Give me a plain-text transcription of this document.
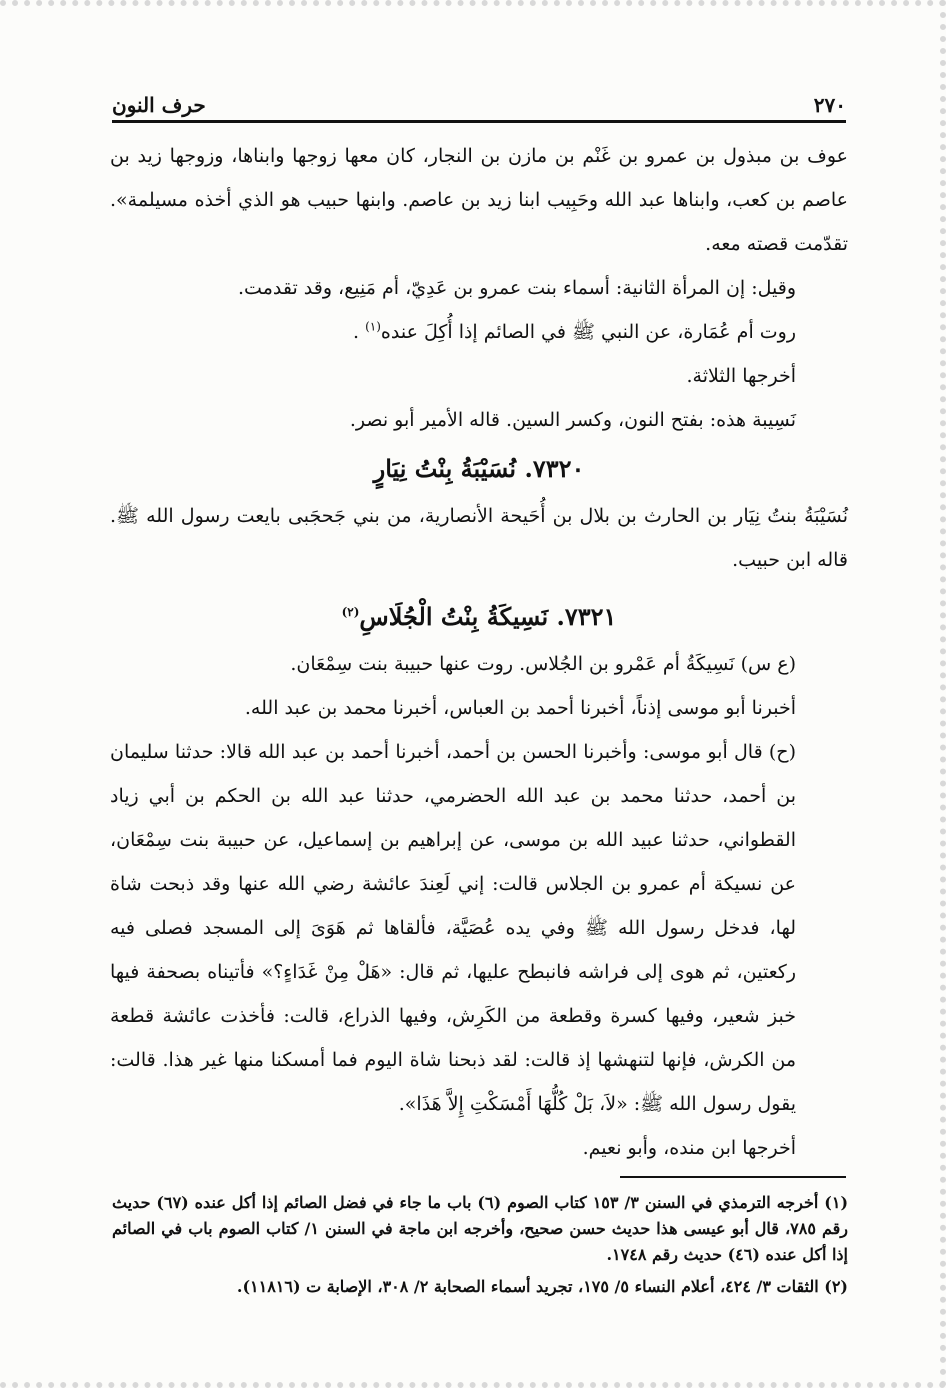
٢٧٠
حرف النون

عوف بن مبذول بن عمرو بن غَنْم بن مازن بن النجار، كان معها زوجها وابناها، وزوجها زيد بن عاصم بن كعب، وابناها عبد الله وحَبِيب ابنا زيد بن عاصم. وابنها حبيب هو الذي أخذه مسيلمة». تقدّمت قصته معه.

وقيل: إن المرأة الثانية: أسماء بنت عمرو بن عَدِيّ، أم مَنِيع، وقد تقدمت.

روت أم عُمَارة، عن النبي ﷺ في الصائم إذا أُكِلَ عنده$^{(١)}$ .

أخرجها الثلاثة.

نَسِيبة هذه: بفتح النون، وكسر السين. قاله الأمير أبو نصر.

٧٣٢٠. نُسَيْبَةُ بِنْتُ نِيَارٍ

نُسَيْبَةُ بنتُ نِيَار بن الحارث بن بلال بن أُحَيحة الأنصارية، من بني جَحجَبى بايعت رسول الله ﷺ. قاله ابن حبيب.

٧٣٢١. نَسِيكَةُ بِنْتُ الْجُلَاسِ$^{(٢)}$

(ع س) نَسِيكَةُ أم عَمْرو بن الجُلاس. روت عنها حبيبة بنت سِمْعَان.

أخبرنا أبو موسى إذناً، أخبرنا أحمد بن العباس، أخبرنا محمد بن عبد الله.

(ح) قال أبو موسى: وأخبرنا الحسن بن أحمد، أخبرنا أحمد بن عبد الله قالا: حدثنا سليمان بن أحمد، حدثنا محمد بن عبد الله الحضرمي، حدثنا عبد الله بن الحكم بن أبي زياد القطواني، حدثنا عبيد الله بن موسى، عن إبراهيم بن إسماعيل، عن حبيبة بنت سِمْعَان، عن نسيكة أم عمرو بن الجلاس قالت: إني لَعِندَ عائشة رضي الله عنها وقد ذبحت شاة لها، فدخل رسول الله ﷺ وفي يده عُصَيَّة، فألقاها ثم هَوَىَ إلى المسجد فصلى فيه ركعتين، ثم هوى إلى فراشه فانبطح عليها، ثم قال: «هَلْ مِنْ غَدَاءٍ؟» فأتيناه بصحفة فيها خبز شعير، وفيها كسرة وقطعة من الكَرِش، وفيها الذراع، قالت: فأخذت عائشة قطعة من الكرش، فإنها لتنهشها إذ قالت: لقد ذبحنا شاة اليوم فما أمسكنا منها غير هذا. قالت: يقول رسول الله ﷺ: «لاَ، بَلْ كُلُّهَا أَمْسَكْتِ إِلاَّ هَذَا».

أخرجها ابن منده، وأبو نعيم.

(١) أخرجه الترمذي في السنن ٣/ ١٥٣ كتاب الصوم (٦) باب ما جاء في فضل الصائم إذا أكل عنده (٦٧) حديث رقم ٧٨٥، قال أبو عيسى هذا حديث حسن صحيح، وأخرجه ابن ماجة في السنن ١/ كتاب الصوم باب في الصائم إذا أكل عنده (٤٦) حديث رقم ١٧٤٨.

(٢) الثقات ٣/ ٤٢٤، أعلام النساء ٥/ ١٧٥، تجريد أسماء الصحابة ٢/ ٣٠٨، الإصابة ت (١١٨١٦).
